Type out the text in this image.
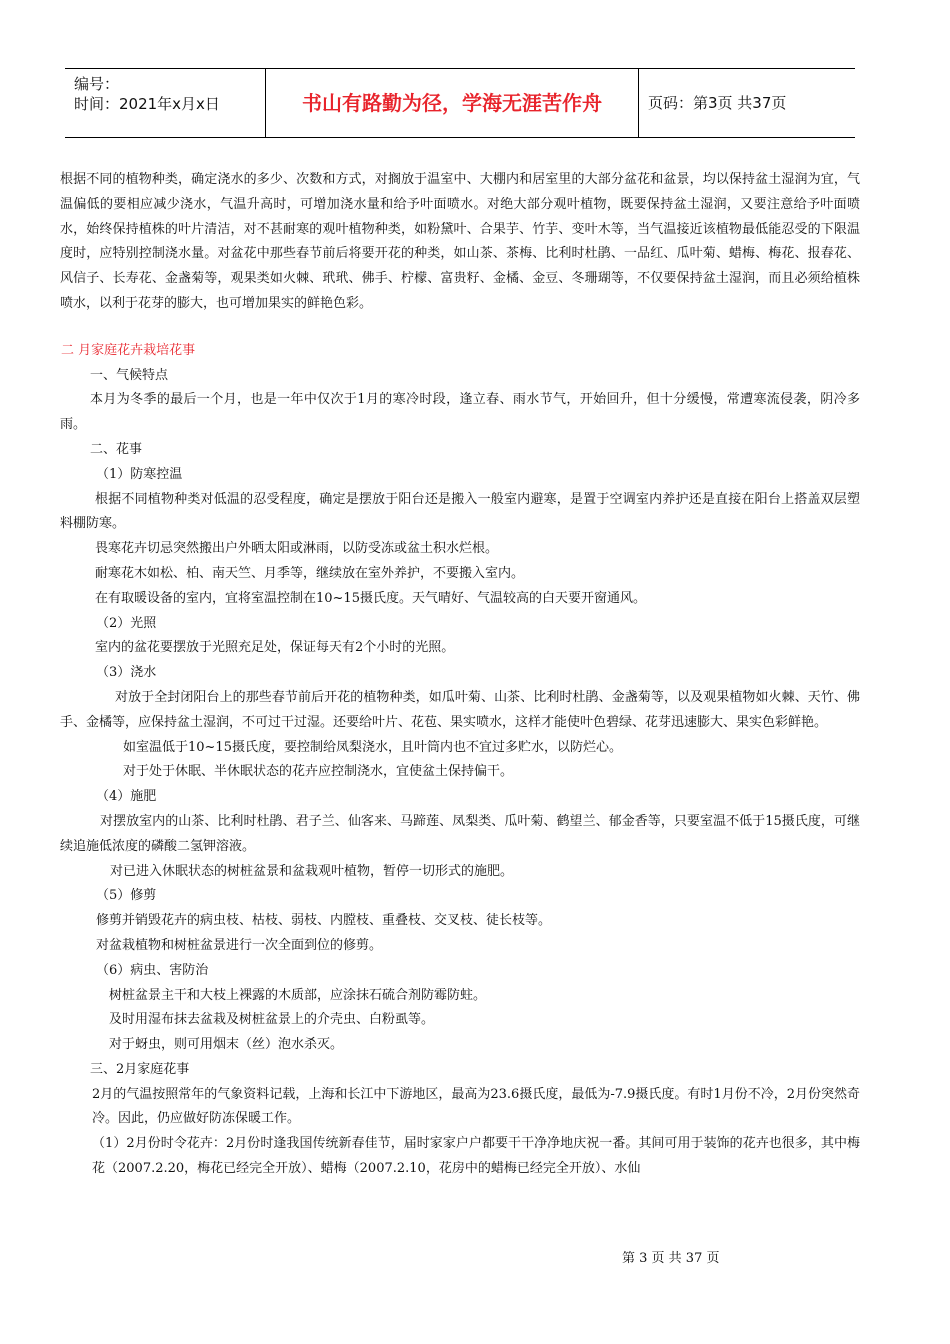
编号：
时间：2021年x月x日	书山有路勤为径，学海无涯苦作舟	页码：第3页 共37页

根据不同的植物种类，确定浇水的多少、次数和方式，对搁放于温室中、大棚内和居室里的大部分盆花和盆景，均以保持盆土湿润为宜，气温偏低的要相应减少浇水，气温升高时，可增加浇水量和给予叶面喷水。对绝大部分观叶植物，既要保持盆土湿润，又要注意给予叶面喷水，始终保持植株的叶片清洁，对不甚耐寒的观叶植物种类，如粉黛叶、合果芋、竹芋、变叶木等，当气温接近该植物最低能忍受的下限温度时，应特别控制浇水量。对盆花中那些春节前后将要开花的种类，如山茶、茶梅、比利时杜鹃、一品红、瓜叶菊、蜡梅、梅花、报春花、风信子、长寿花、金盏菊等，观果类如火棘、玳玳、佛手、柠檬、富贵籽、金橘、金豆、冬珊瑚等，不仅要保持盆土湿润，而且必须给植株喷水，以利于花芽的膨大，也可增加果实的鲜艳色彩。

二 月家庭花卉栽培花事

一、气候特点

本月为冬季的最后一个月，也是一年中仅次于1月的寒冷时段，逢立春、雨水节气，开始回升，但十分缓慢，常遭寒流侵袭，阴冷多雨。

二、花事

（1）防寒控温

根据不同植物种类对低温的忍受程度，确定是摆放于阳台还是搬入一般室内避寒，是置于空调室内养护还是直接在阳台上搭盖双层塑料棚防寒。

畏寒花卉切忌突然搬出户外晒太阳或淋雨，以防受冻或盆土积水烂根。

耐寒花木如松、柏、南天竺、月季等，继续放在室外养护，不要搬入室内。

在有取暖设备的室内，宜将室温控制在10~15摄氏度。天气晴好、气温较高的白天要开窗通风。

（2）光照

室内的盆花要摆放于光照充足处，保证每天有2个小时的光照。

（3）浇水

对放于全封闭阳台上的那些春节前后开花的植物种类，如瓜叶菊、山茶、比利时杜鹃、金盏菊等，以及观果植物如火棘、天竹、佛手、金橘等，应保持盆土湿润，不可过干过湿。还要给叶片、花苞、果实喷水，这样才能使叶色碧绿、花芽迅速膨大、果实色彩鲜艳。

如室温低于10~15摄氏度，要控制给凤梨浇水，且叶筒内也不宜过多贮水，以防烂心。

对于处于休眠、半休眠状态的花卉应控制浇水，宜使盆土保持偏干。

（4）施肥

对摆放室内的山茶、比利时杜鹃、君子兰、仙客来、马蹄莲、凤梨类、瓜叶菊、鹤望兰、郁金香等，只要室温不低于15摄氏度，可继续追施低浓度的磷酸二氢钾溶液。

对已进入休眠状态的树桩盆景和盆栽观叶植物，暂停一切形式的施肥。

（5）修剪

修剪并销毁花卉的病虫枝、枯枝、弱枝、内膛枝、重叠枝、交叉枝、徒长枝等。

对盆栽植物和树桩盆景进行一次全面到位的修剪。

（6）病虫、害防治

树桩盆景主干和大枝上裸露的木质部，应涂抹石硫合剂防霉防蛀。

及时用湿布抹去盆栽及树桩盆景上的介壳虫、白粉虱等。

对于蚜虫，则可用烟末（丝）泡水杀灭。

三、2月家庭花事

2月的气温按照常年的气象资料记载，上海和长江中下游地区，最高为23.6摄氏度，最低为-7.9摄氏度。有时1月份不冷，2月份突然奇冷。因此，仍应做好防冻保暖工作。

（1）2月份时令花卉：2月份时逢我国传统新春佳节，届时家家户户都要干干净净地庆祝一番。其间可用于装饰的花卉也很多，其中梅花（2007.2.20，梅花已经完全开放）、蜡梅（2007.2.10，花房中的蜡梅已经完全开放）、水仙

第 3 页 共 37 页
